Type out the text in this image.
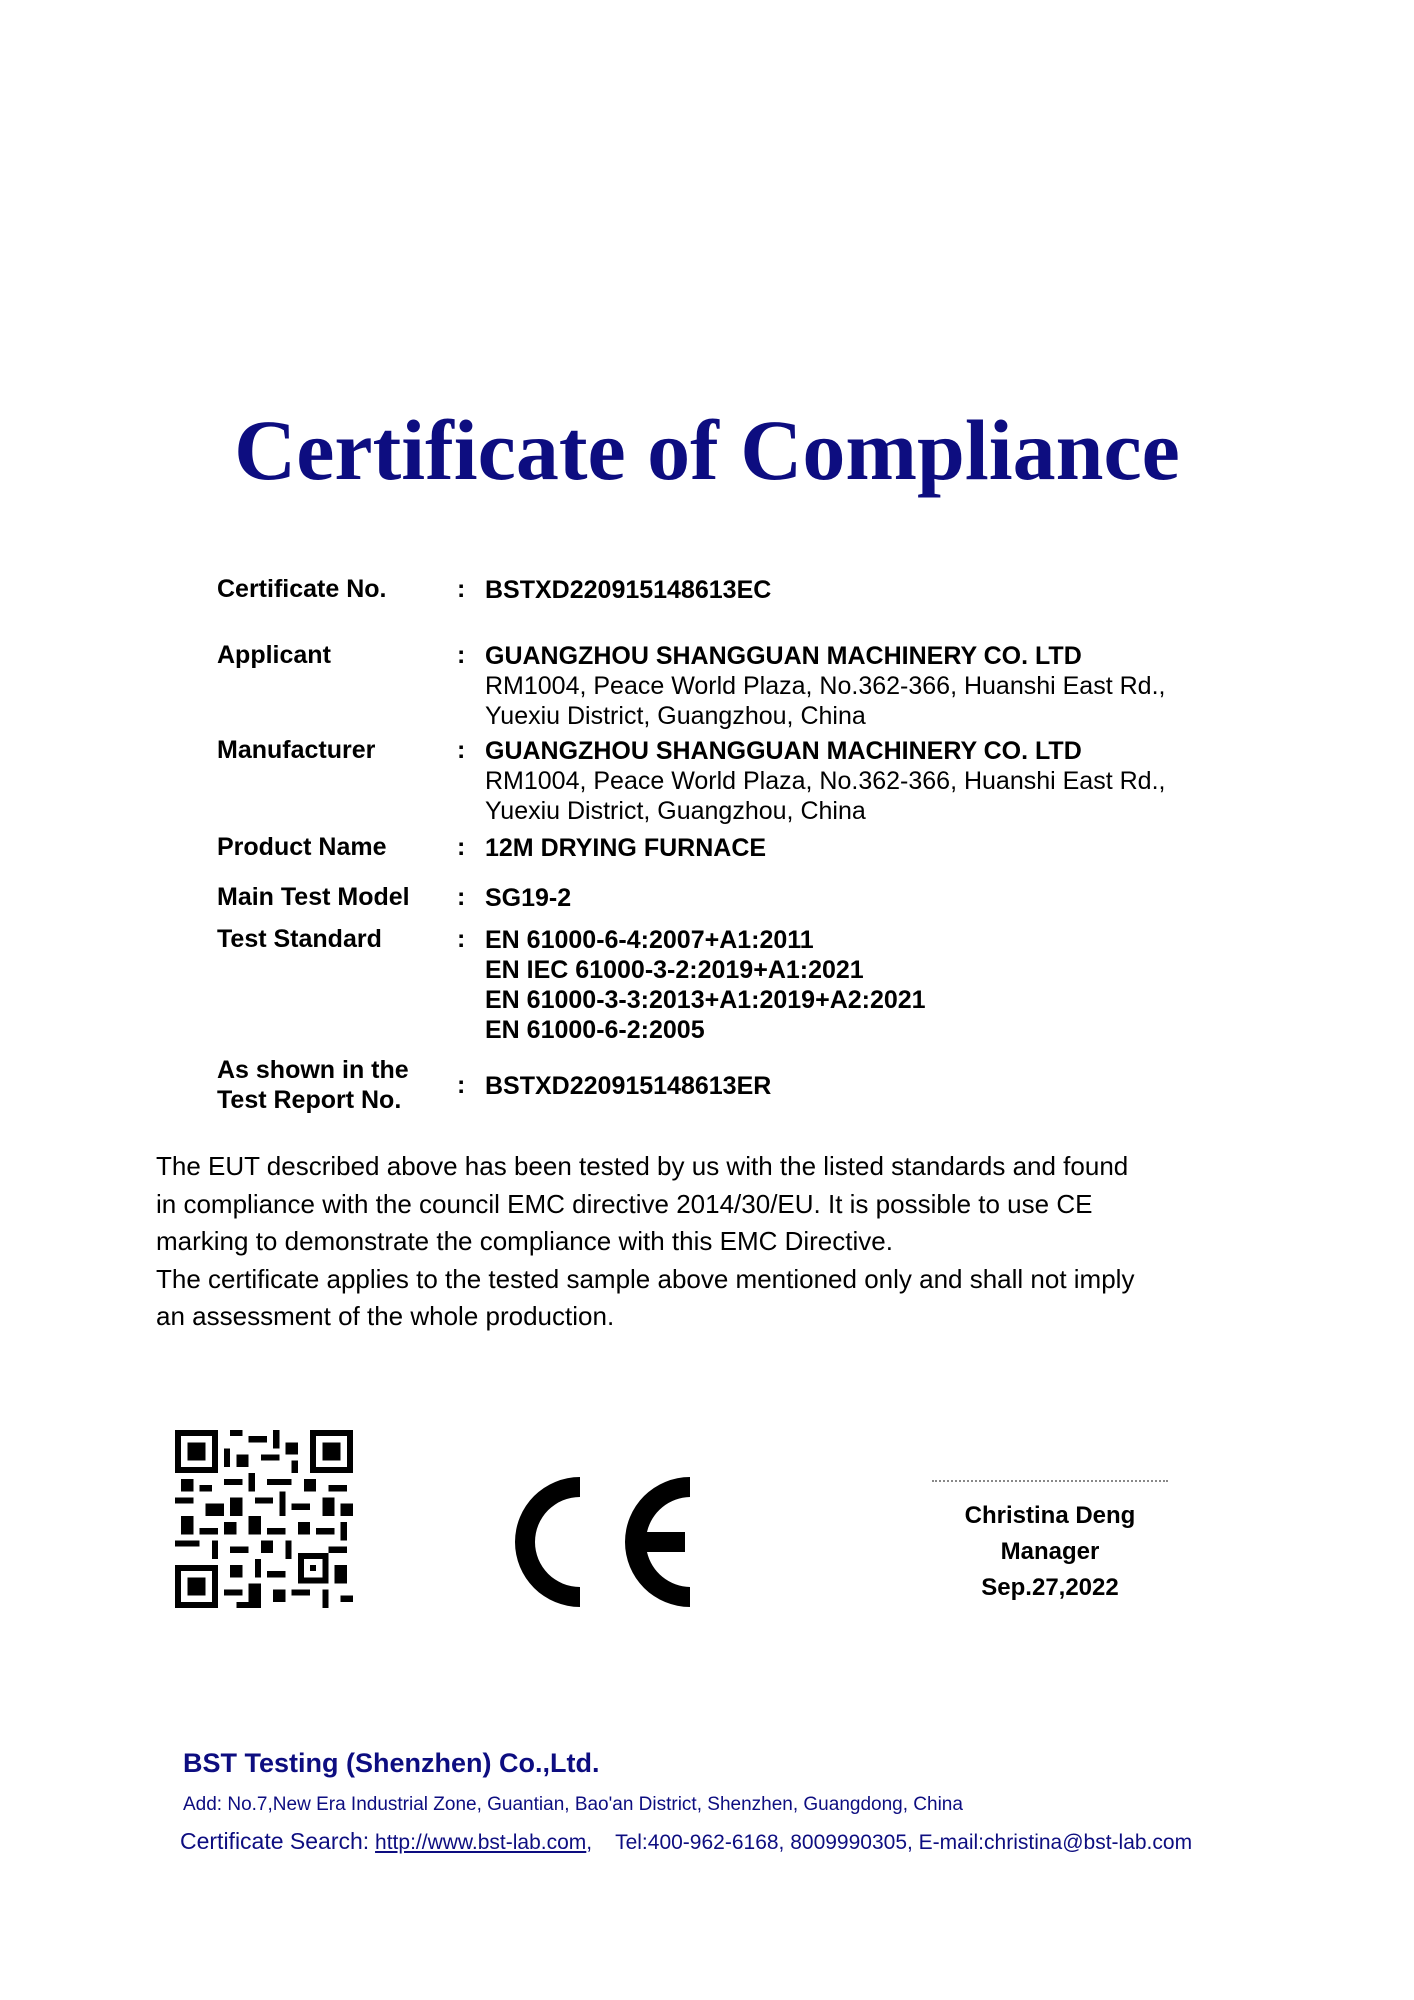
Certificate of Compliance
Certificate No.	: BSTXD220915148613EC
Applicant	: GUANGZHOU SHANGGUAN MACHINERY CO. LTD
RM1004, Peace World Plaza, No.362-366, Huanshi East Rd.,
Yuexiu District, Guangzhou, China
Manufacturer	: GUANGZHOU SHANGGUAN MACHINERY CO. LTD
RM1004, Peace World Plaza, No.362-366, Huanshi East Rd.,
Yuexiu District, Guangzhou, China
Product Name	: 12M DRYING FURNACE
Main Test Model	: SG19-2
Test Standard	: EN 61000-6-4:2007+A1:2011
EN IEC 61000-3-2:2019+A1:2021
EN 61000-3-3:2013+A1:2019+A2:2021
EN 61000-6-2:2005
As shown in the
Test Report No.
: BSTXD220915148613ER
The EUT described above has been tested by us with the listed standards and found
in compliance with the council EMC directive 2014/30/EU. It is possible to use CE
marking to demonstrate the compliance with this EMC Directive.
The certificate applies to the tested sample above mentioned only and shall not imply
an assessment of the whole production.
Christina Deng
Manager
Sep.27,2022
BST Testing (Shenzhen) Co.,Ltd.
Add: No.7,New Era Industrial Zone, Guantian, Bao'an District, Shenzhen, Guangdong, China
Certificate Search: http://www.bst-lab.com,    Tel:400-962-6168, 8009990305, E-mail:christina@bst-lab.com
